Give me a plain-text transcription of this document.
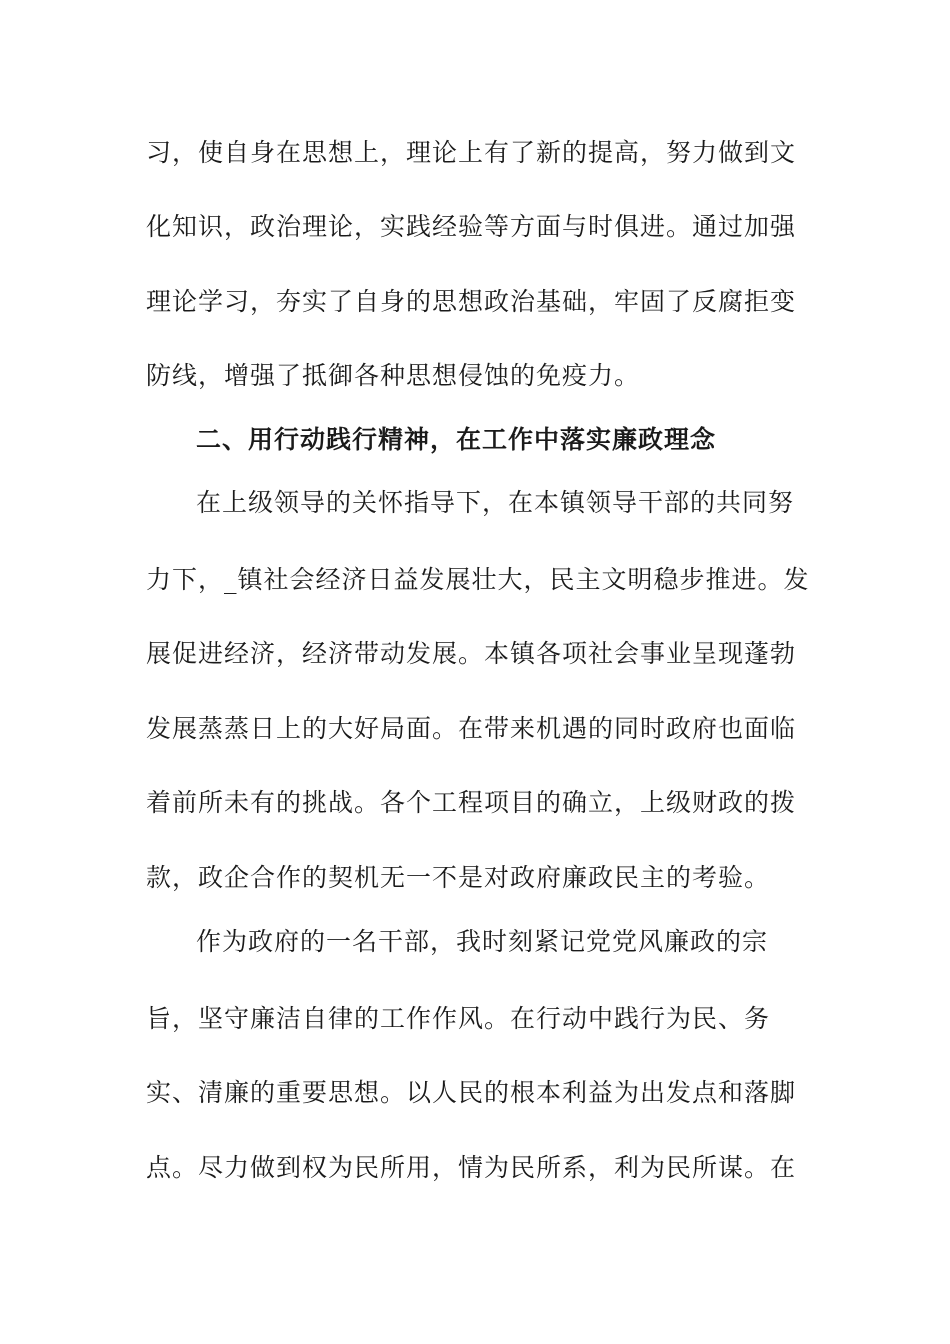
习，使自身在思想上，理论上有了新的提高，努力做到文
化知识，政治理论，实践经验等方面与时俱进。通过加强
理论学习，夯实了自身的思想政治基础，牢固了反腐拒变
防线，增强了抵御各种思想侵蚀的免疫力。
二、用行动践行精神，在工作中落实廉政理念
在上级领导的关怀指导下，在本镇领导干部的共同努
力下，_镇社会经济日益发展壮大，民主文明稳步推进。发
展促进经济，经济带动发展。本镇各项社会事业呈现蓬勃
发展蒸蒸日上的大好局面。在带来机遇的同时政府也面临
着前所未有的挑战。各个工程项目的确立，上级财政的拨
款，政企合作的契机无一不是对政府廉政民主的考验。
作为政府的一名干部，我时刻紧记党党风廉政的宗
旨，坚守廉洁自律的工作作风。在行动中践行为民、务
实、清廉的重要思想。以人民的根本利益为出发点和落脚
点。尽力做到权为民所用，情为民所系，利为民所谋。在
